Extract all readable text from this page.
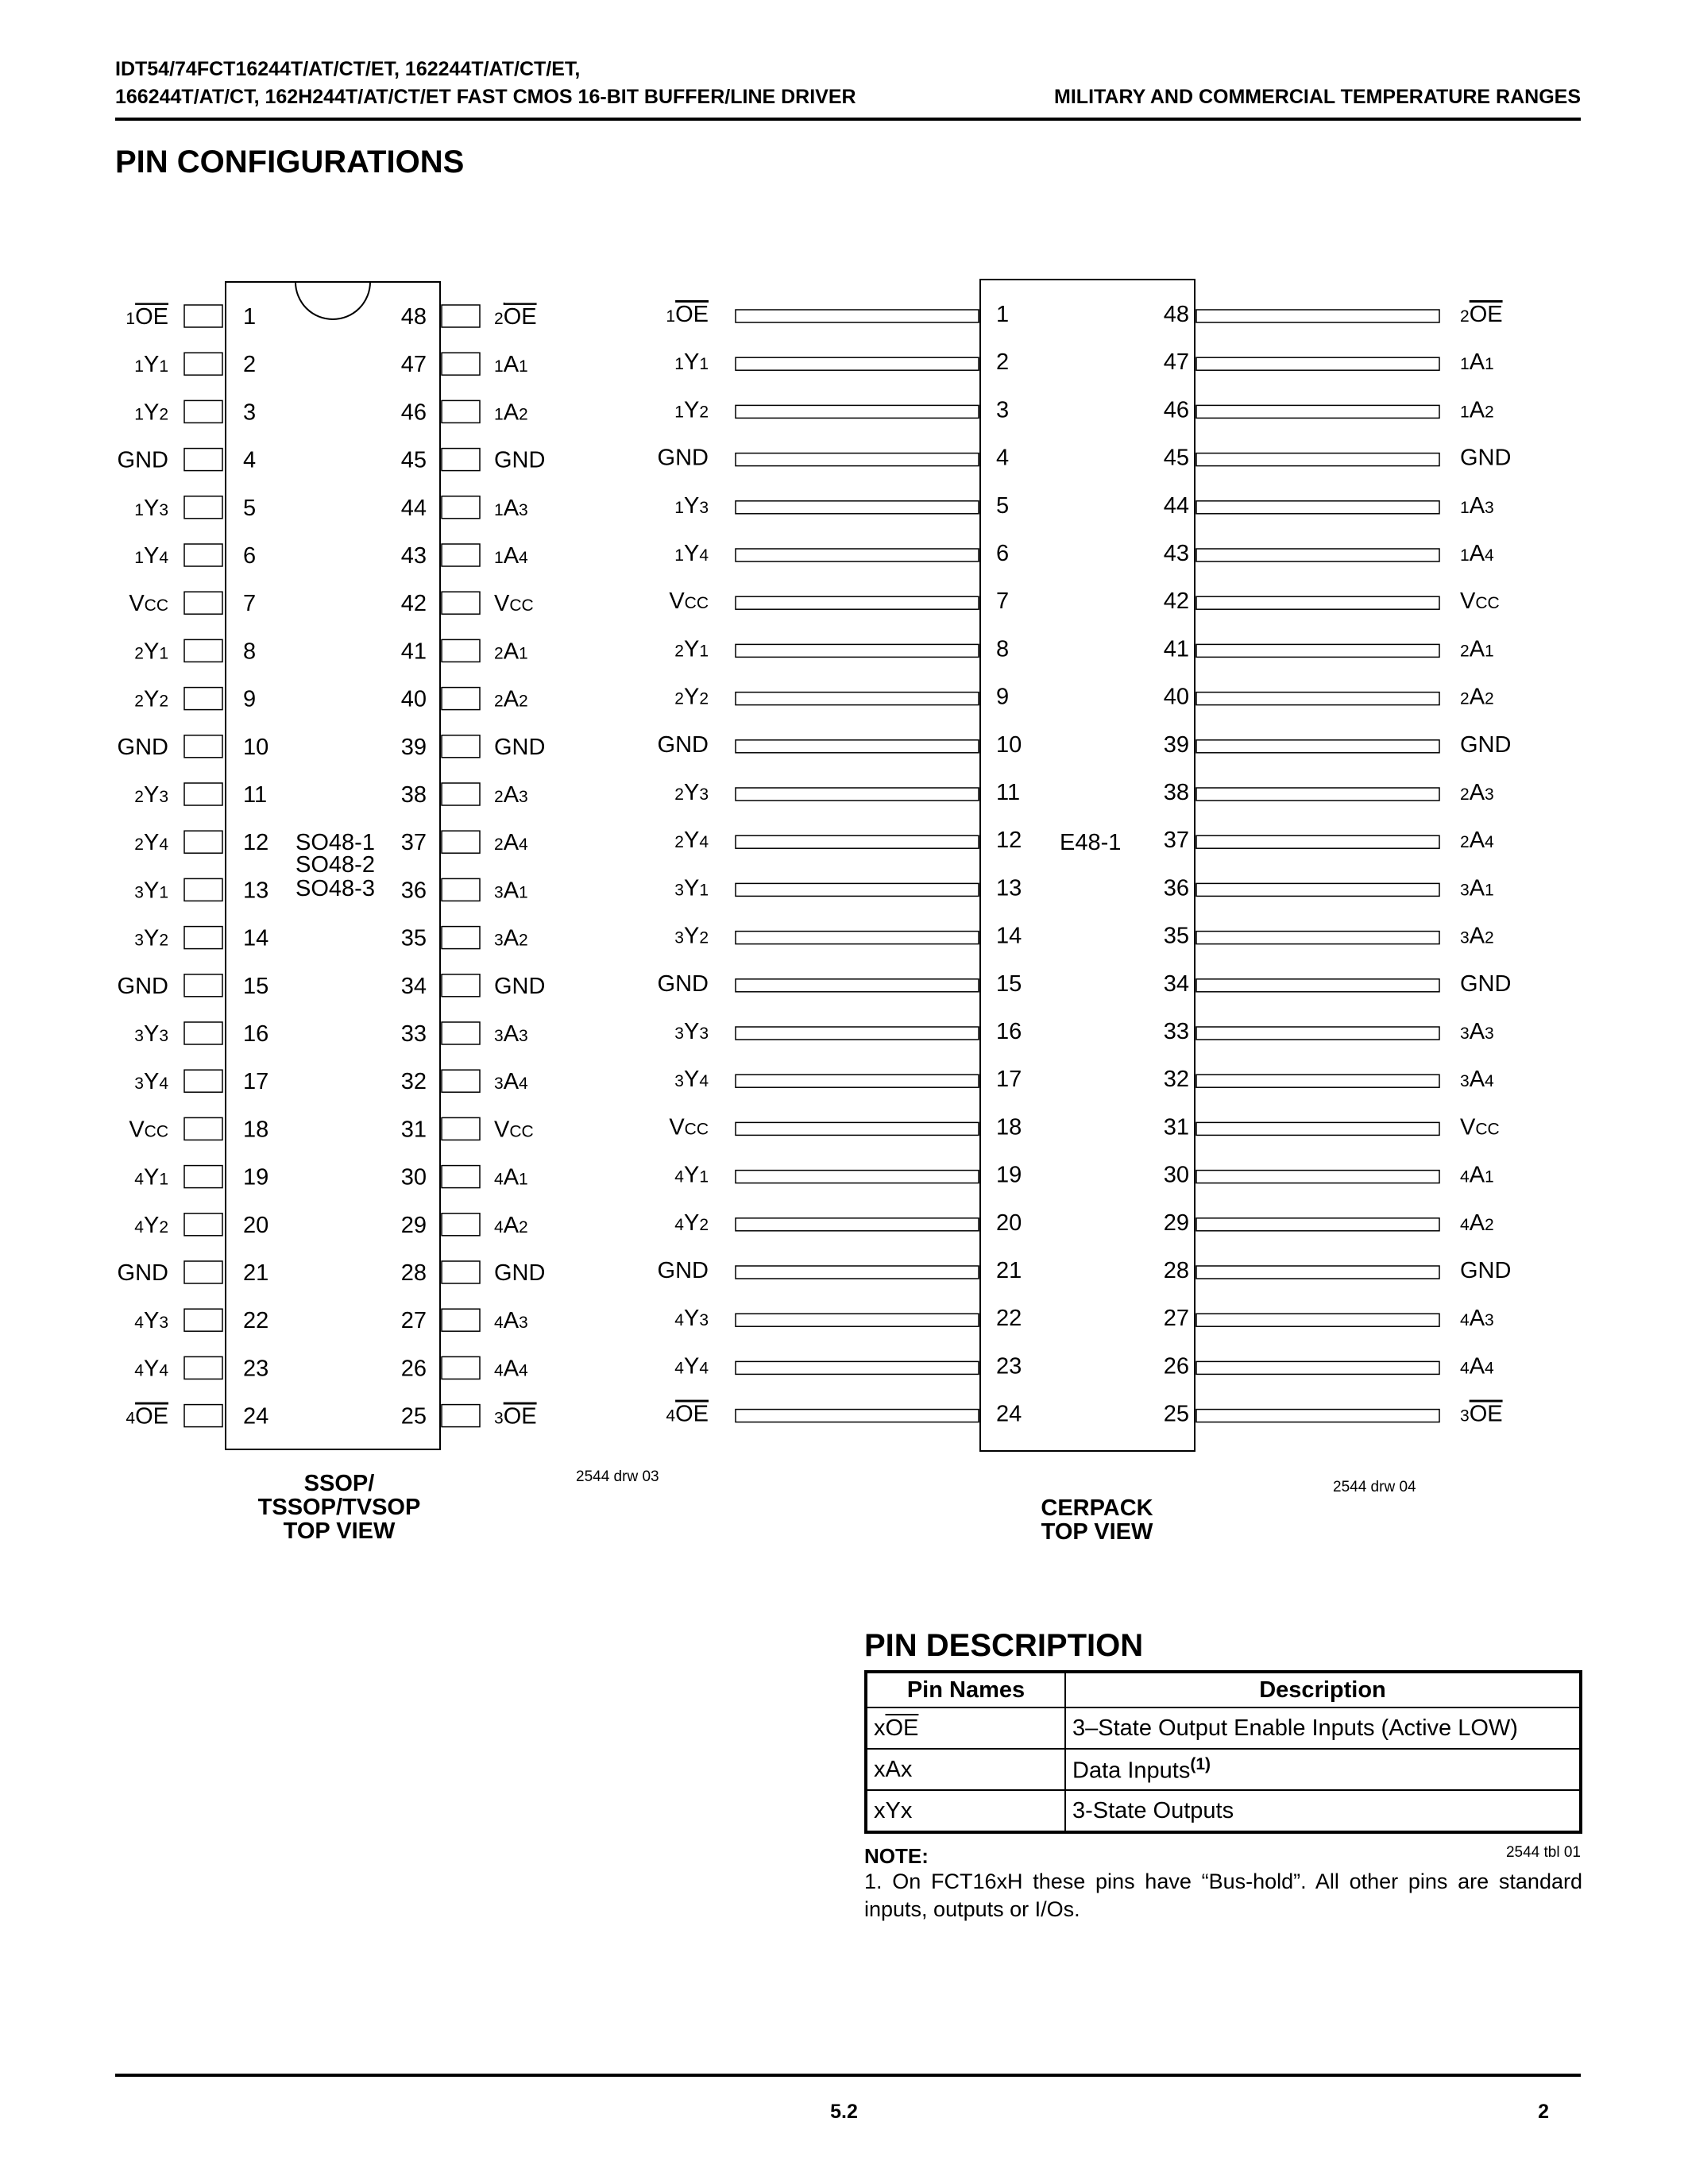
IDT54/74FCT16244T/AT/CT/ET, 162244T/AT/CT/ET,
166244T/AT/CT, 162H244T/AT/CT/ET FAST CMOS 16-BIT BUFFER/LINE DRIVER	MILITARY AND COMMERCIAL TEMPERATURE RANGES
PIN CONFIGURATIONS
1
1OE
2
1Y1
3
1Y2
4
GND
5
1Y3
6
1Y4
7
VCC
8
2Y1
9
2Y2
10
GND
11
2Y3
12
2Y4
13
3Y1
14
3Y2
15
GND
16
3Y3
17
3Y4
18
VCC
19
4Y1
20
4Y2
21
GND
22
4Y3
23
4Y4
24
4OE
48	2OE
47	1A1
46	1A2
45	GND
44	1A3
43	1A4
42	VCC
41	2A1
40	2A2
39	GND
38	2A3
37	2A4
36	3A1
35	3A2
34	GND
33	3A3
32	3A4
31	VCC
30	4A1
29	4A2
28	GND
27	4A3
26	4A4
25	3OE
SO48-1
SO48-2
SO48-3
2544 drw 03
SSOP/
TSSOP/TVSOP
TOP VIEW
1
1OE
2
1Y1
3
1Y2
4
GND
5
1Y3
6
1Y4
7
VCC
8
2Y1
9
2Y2
10
GND
11
2Y3
12
2Y4
13
3Y1
14
3Y2
15
GND
16
3Y3
17
3Y4
18
VCC
19
4Y1
20
4Y2
21
GND
22
4Y3
23
4Y4
24
4OE
48	2OE
47	1A1
46	1A2
45	GND
44	1A3
43	1A4
42	VCC
41	2A1
40	2A2
39	GND
38	2A3
37	2A4
36	3A1
35	3A2
34	GND
33	3A3
32	3A4
31	VCC
30	4A1
29	4A2
28	GND
27	4A3
26	4A4
25	3OE
E48-1
2544 drw 04
CERPACK
TOP VIEW
PIN DESCRIPTION
Pin Names	Description
$x\overline{OE}$	3–State Output Enable Inputs (Active LOW)
xAx	Data Inputs$^{(1)}$
xYx	3-State Outputs
NOTE:	2544 tbl 01
1. On FCT16xH these pins have “Bus-hold”. All other pins are standard inputs, outputs or I/Os.
5.2	2
